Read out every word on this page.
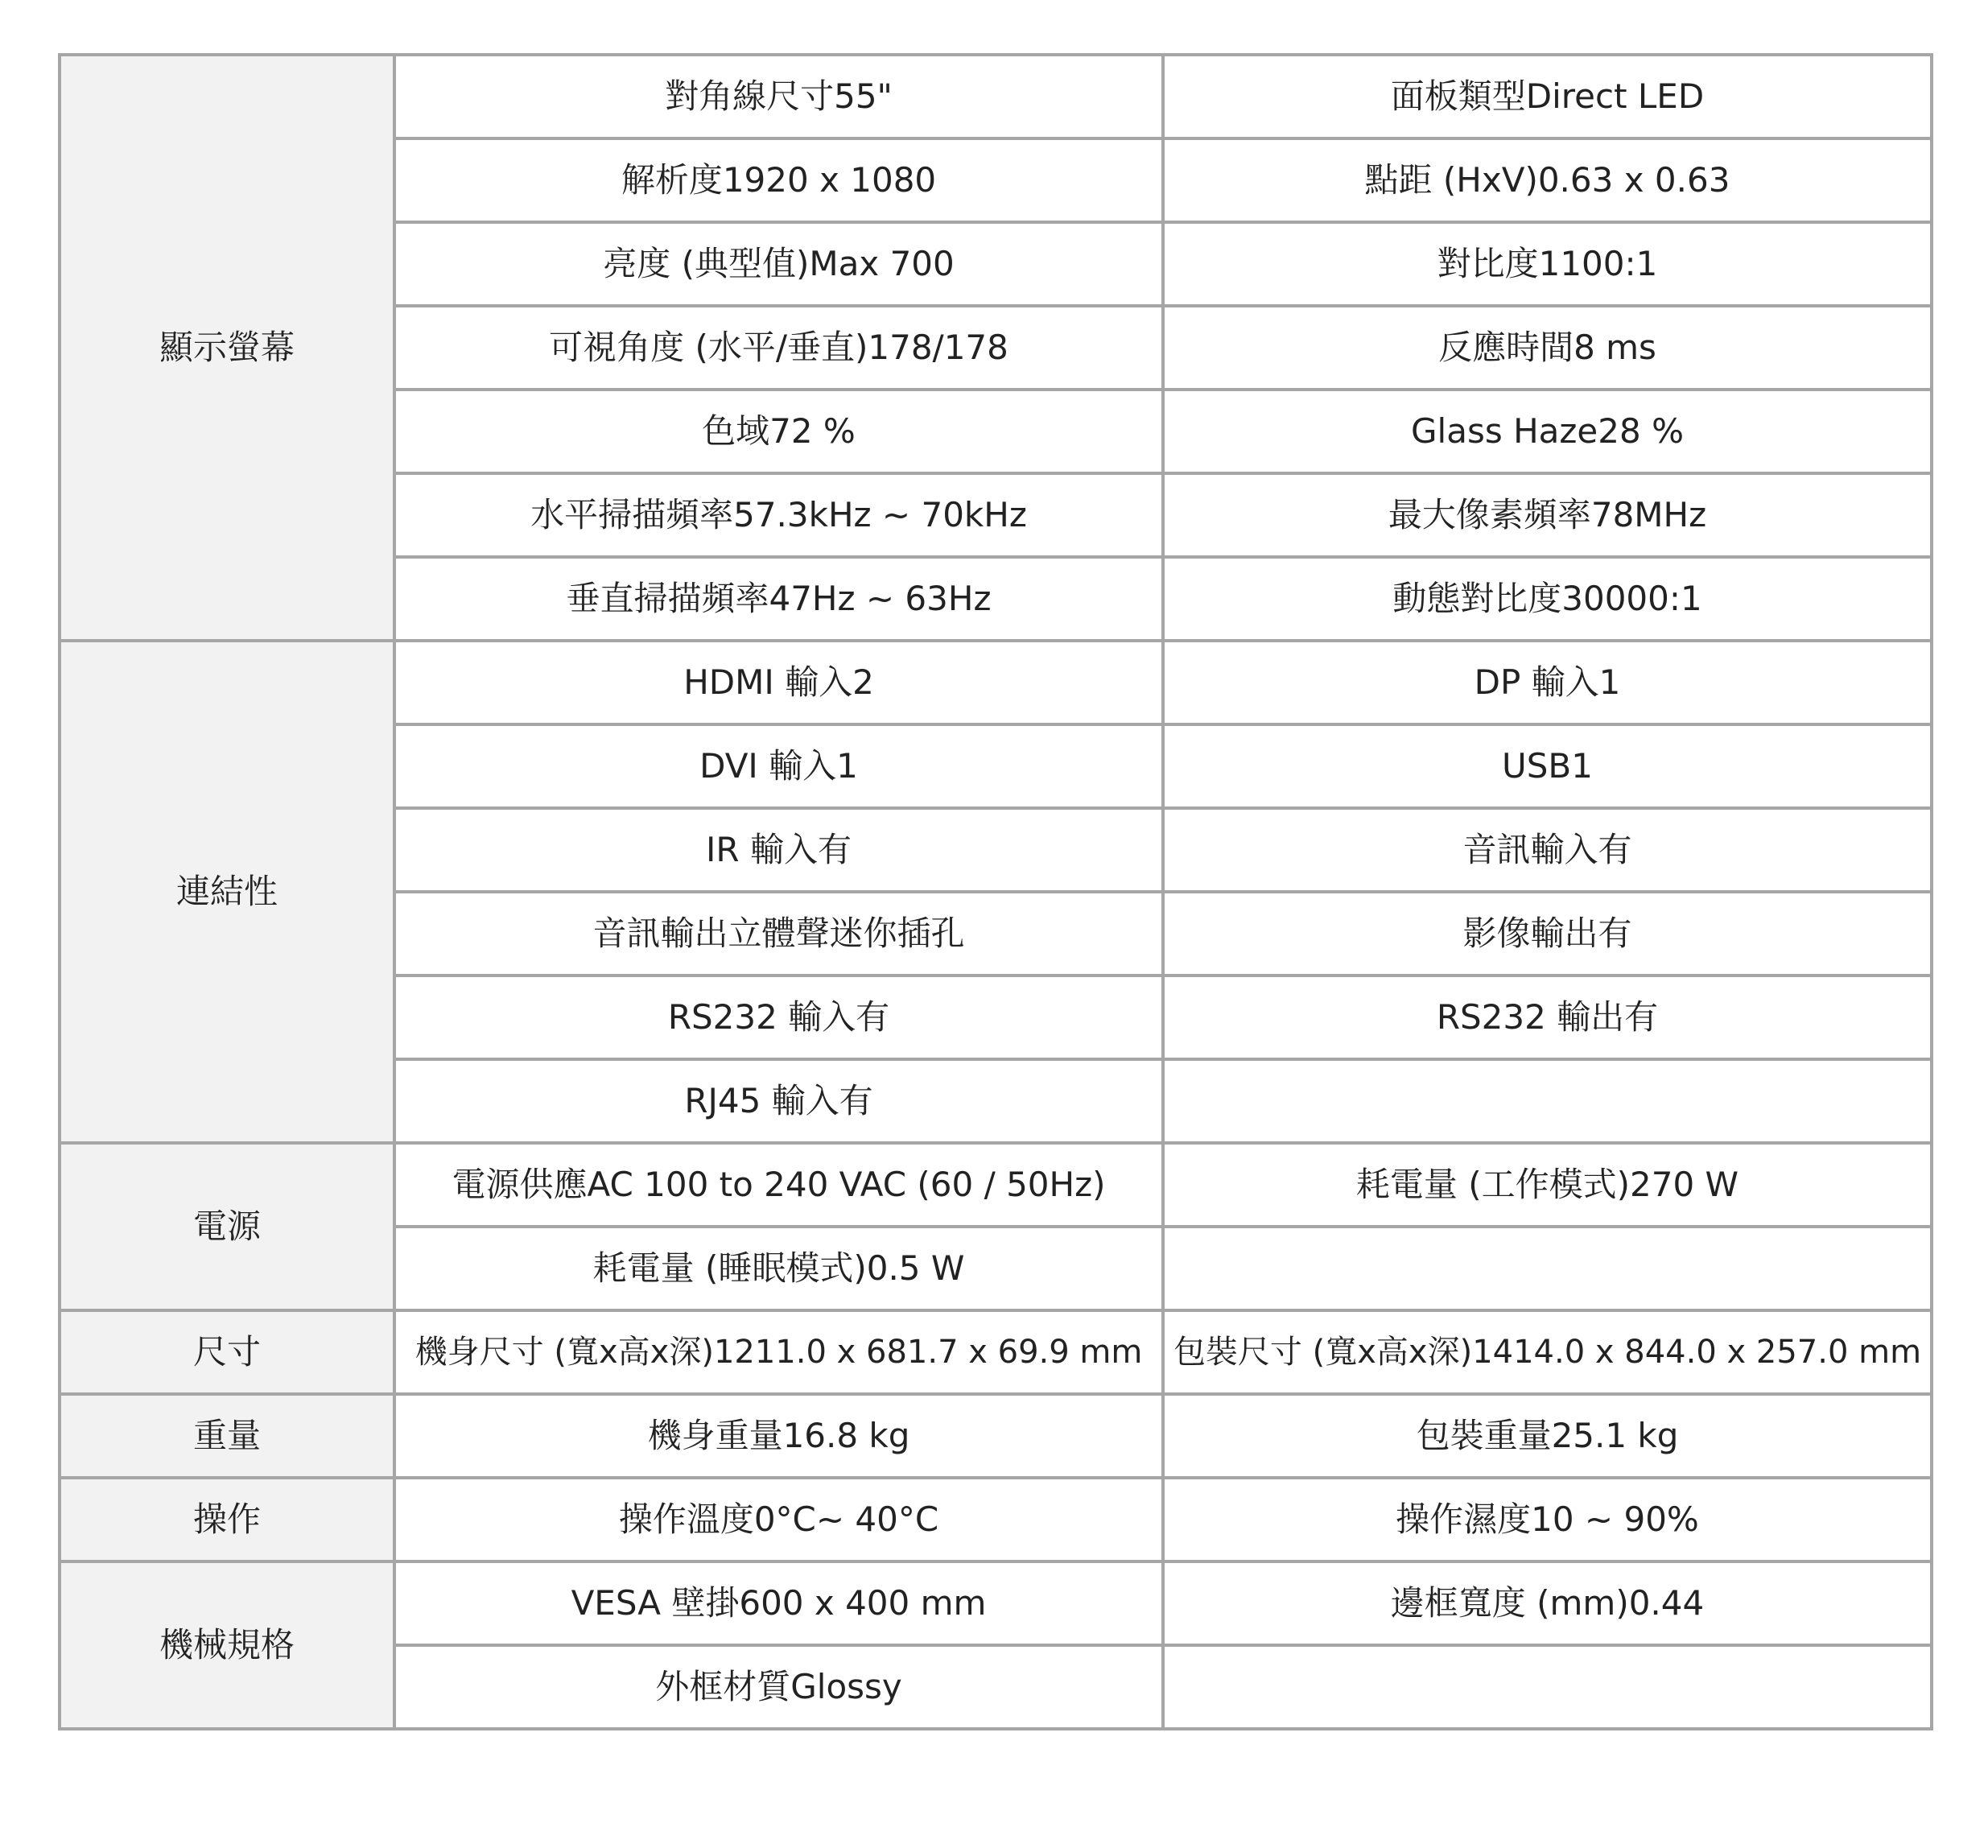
顯示螢幕	對角線尺寸55"	面板類型Direct LED
	解析度1920 x 1080	點距 (HxV)0.63 x 0.63
	亮度 (典型值)Max 700	對比度1100:1
	可視角度 (水平/垂直)178/178	反應時間8 ms
	色域72 %	Glass Haze28 %
	水平掃描頻率57.3kHz ~ 70kHz	最大像素頻率78MHz
	垂直掃描頻率47Hz ~ 63Hz	動態對比度30000:1
連結性	HDMI 輸入2	DP 輸入1
	DVI 輸入1	USB1
	IR 輸入有	音訊輸入有
	音訊輸出立體聲迷你插孔	影像輸出有
	RS232 輸入有	RS232 輸出有
	RJ45 輸入有	
電源	電源供應AC 100 to 240 VAC (60 / 50Hz)	耗電量 (工作模式)270 W
	耗電量 (睡眠模式)0.5 W	
尺寸	機身尺寸 (寬x高x深)1211.0 x 681.7 x 69.9 mm	包裝尺寸 (寬x高x深)1414.0 x 844.0 x 257.0 mm
重量	機身重量16.8 kg	包裝重量25.1 kg
操作	操作溫度0°C~ 40°C	操作濕度10 ~ 90%
機械規格	VESA 壁掛600 x 400 mm	邊框寬度 (mm)0.44
	外框材質Glossy	
